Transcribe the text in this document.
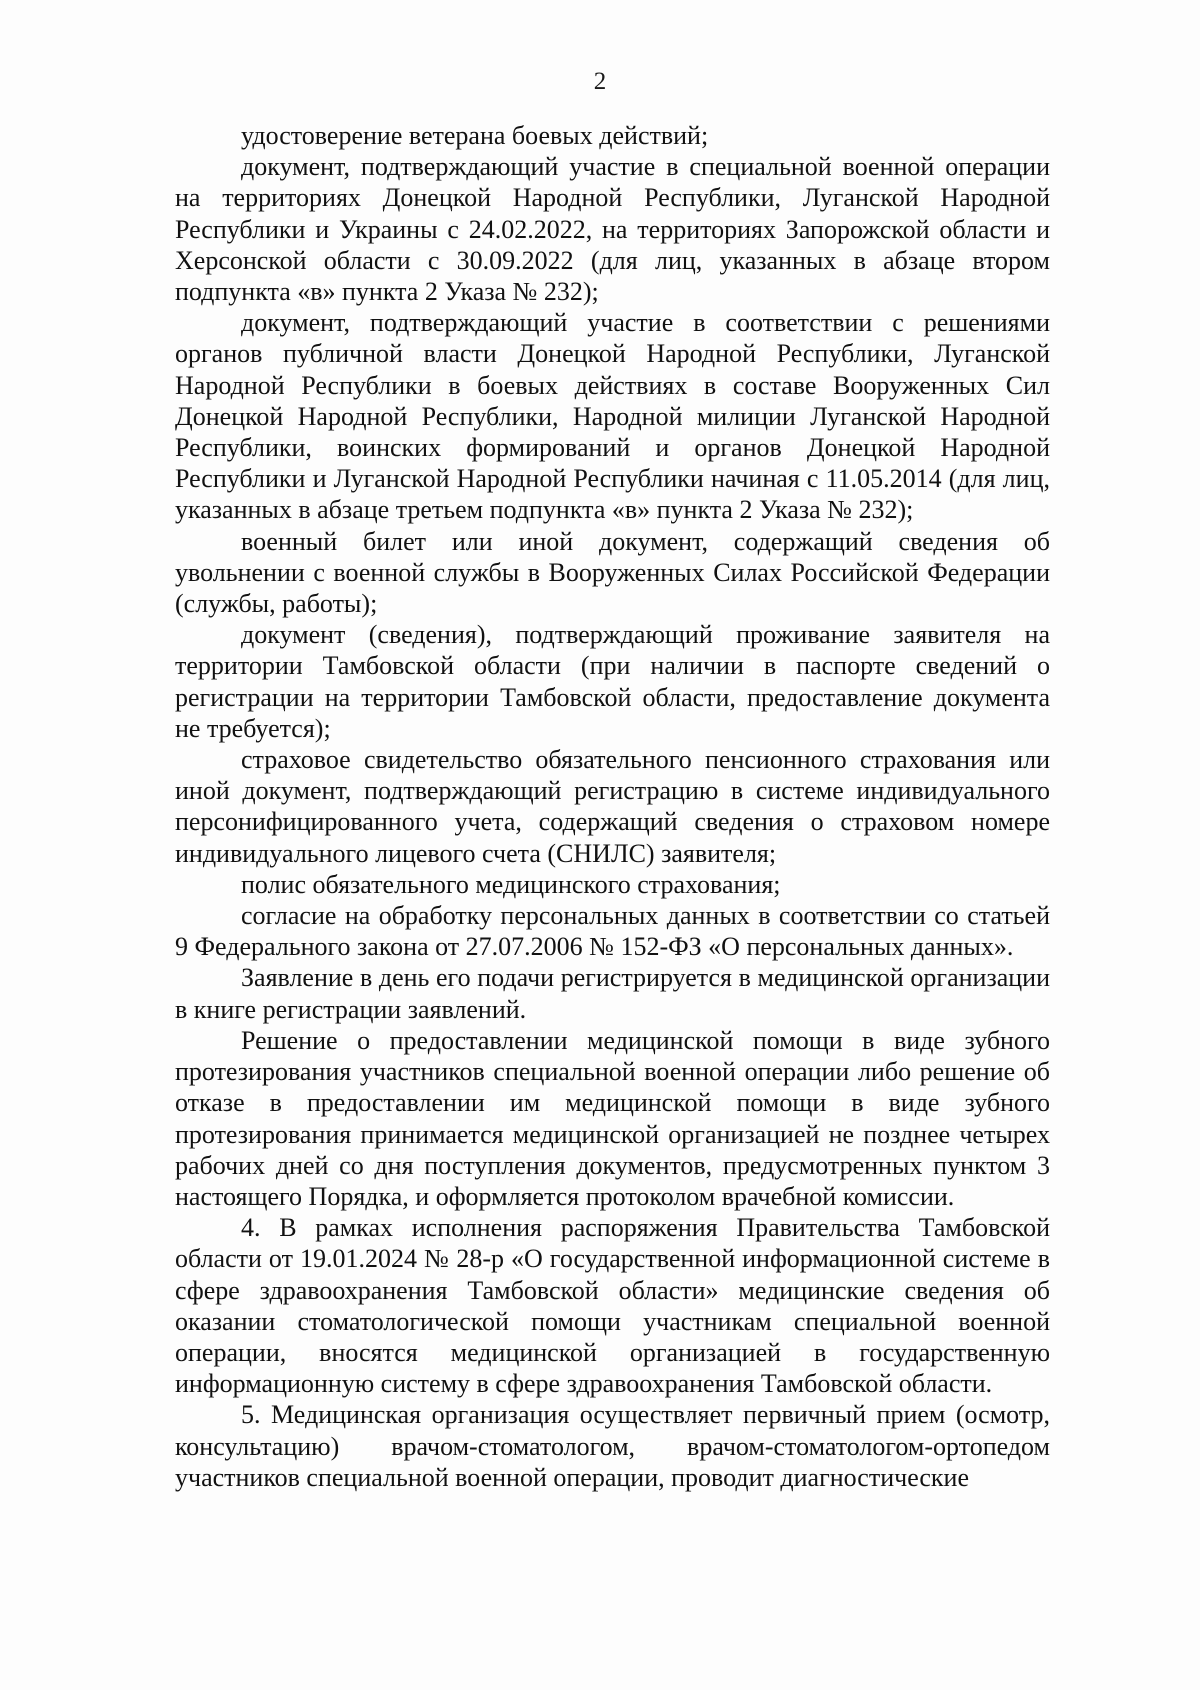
2

удостоверение ветерана боевых действий;

документ, подтверждающий участие в специальной военной операции на территориях Донецкой Народной Республики, Луганской Народной Республики и Украины с 24.02.2022, на территориях Запорожской области и Херсонской области с 30.09.2022 (для лиц, указанных в абзаце втором подпункта «в» пункта 2 Указа № 232);

документ, подтверждающий участие в соответствии с решениями органов публичной власти Донецкой Народной Республики, Луганской Народной Республики в боевых действиях в составе Вооруженных Сил Донецкой Народной Республики, Народной милиции Луганской Народной Республики, воинских формирований и органов Донецкой Народной Республики и Луганской Народной Республики начиная с 11.05.2014 (для лиц, указанных в абзаце третьем подпункта «в» пункта 2 Указа № 232);

военный билет или иной документ, содержащий сведения об увольнении с военной службы в Вооруженных Силах Российской Федерации (службы, работы);

документ (сведения), подтверждающий проживание заявителя на территории Тамбовской области (при наличии в паспорте сведений о регистрации на территории Тамбовской области, предоставление документа не требуется);

страховое свидетельство обязательного пенсионного страхования или иной документ, подтверждающий регистрацию в системе индивидуального персонифицированного учета, содержащий сведения о страховом номере индивидуального лицевого счета (СНИЛС) заявителя;

полис обязательного медицинского страхования;

согласие на обработку персональных данных в соответствии со статьей 9 Федерального закона от 27.07.2006 № 152-ФЗ «О персональных данных».

Заявление в день его подачи регистрируется в медицинской организации в книге регистрации заявлений.

Решение о предоставлении медицинской помощи в виде зубного протезирования участников специальной военной операции либо решение об отказе в предоставлении им медицинской помощи в виде зубного протезирования принимается медицинской организацией не позднее четырех рабочих дней со дня поступления документов, предусмотренных пунктом 3 настоящего Порядка, и оформляется протоколом врачебной комиссии.

4. В рамках исполнения распоряжения Правительства Тамбовской области от 19.01.2024 № 28-р «О государственной информационной системе в сфере здравоохранения Тамбовской области» медицинские сведения об оказании стоматологической помощи участникам специальной военной операции, вносятся медицинской организацией в государственную информационную систему в сфере здравоохранения Тамбовской области.

5. Медицинская организация осуществляет первичный прием (осмотр, консультацию) врачом-стоматологом, врачом-стоматологом-ортопедом участников специальной военной операции, проводит диагностические
